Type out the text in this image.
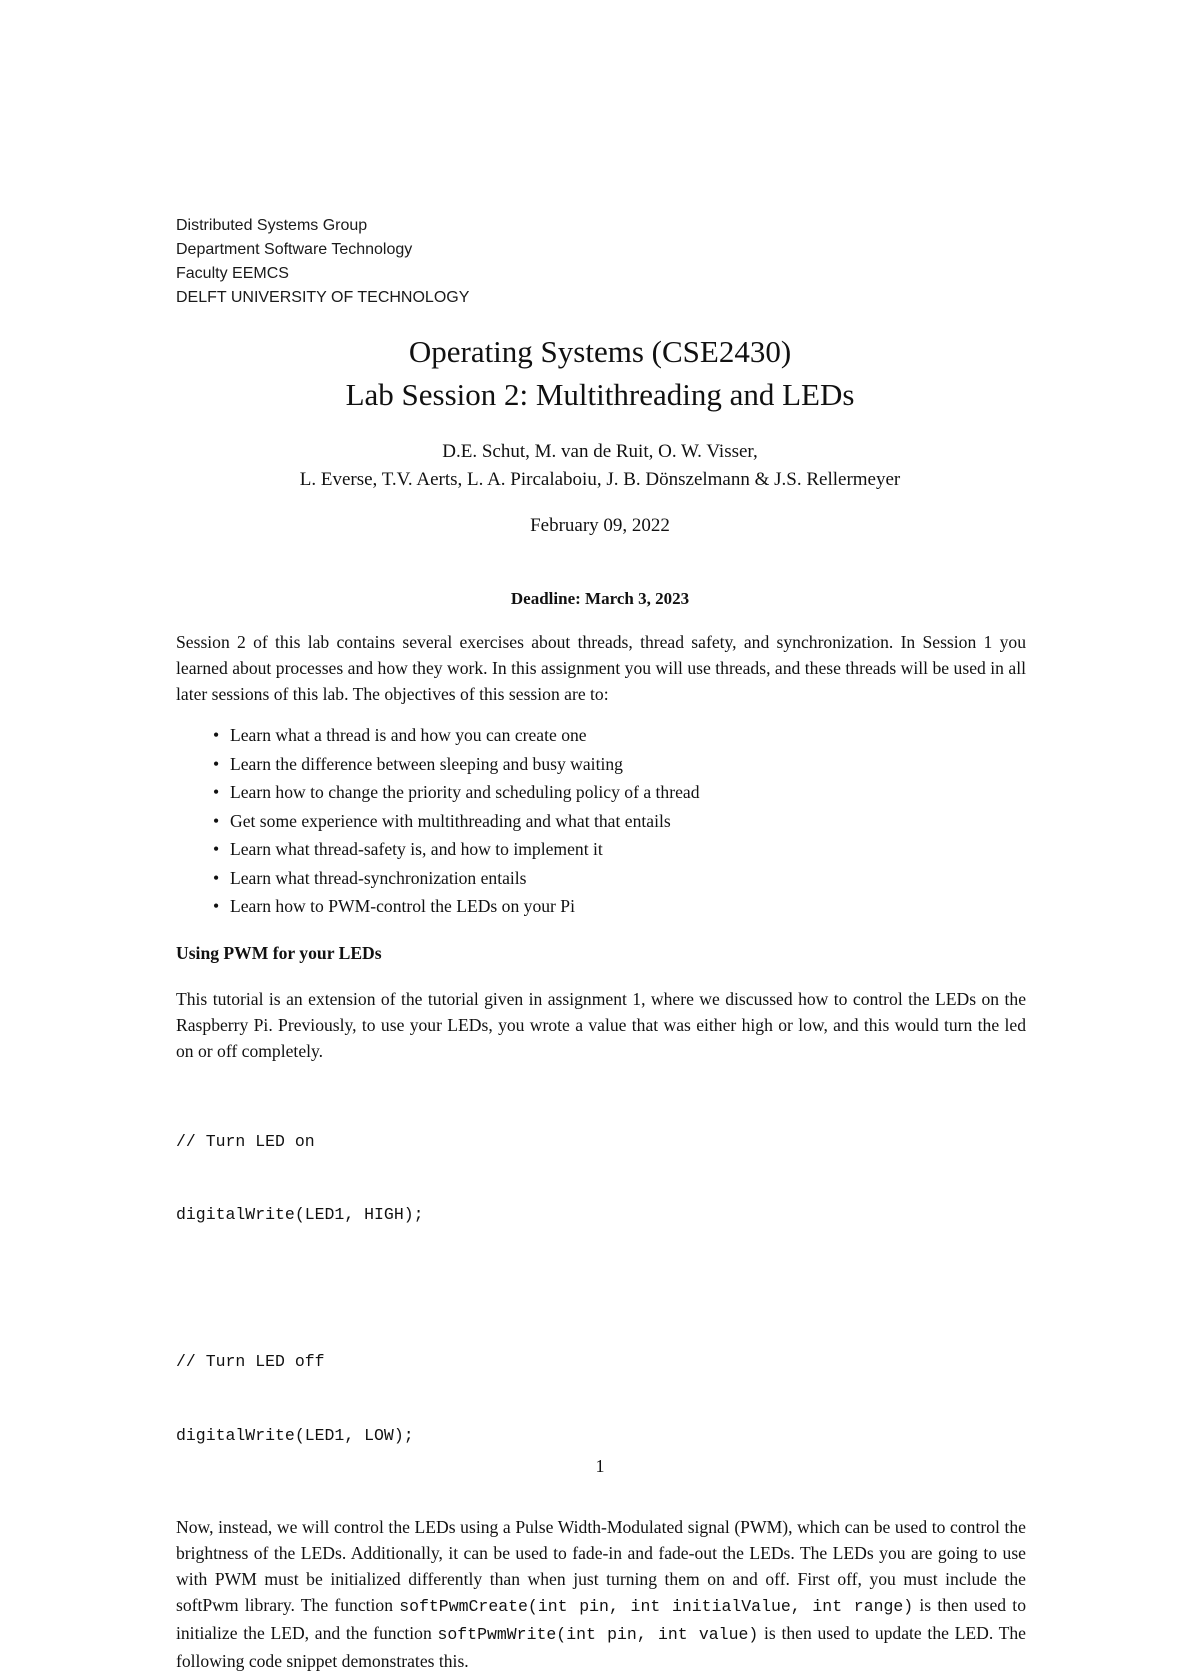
Distributed Systems Group
Department Software Technology
Faculty EEMCS
DELFT UNIVERSITY OF TECHNOLOGY
Operating Systems (CSE2430)
Lab Session 2: Multithreading and LEDs
D.E. Schut, M. van de Ruit, O. W. Visser,
L. Everse, T.V. Aerts, L. A. Pircalaboiu, J. B. Dönszelmann & J.S. Rellermeyer
February 09, 2022
Deadline: March 3, 2023

Session 2 of this lab contains several exercises about threads, thread safety, and synchronization. In Session 1 you learned about processes and how they work. In this assignment you will use threads, and these threads will be used in all later sessions of this lab. The objectives of this session are to:

• Learn what a thread is and how you can create one
• Learn the difference between sleeping and busy waiting
• Learn how to change the priority and scheduling policy of a thread
• Get some experience with multithreading and what that entails
• Learn what thread-safety is, and how to implement it
• Learn what thread-synchronization entails
• Learn how to PWM-control the LEDs on your Pi

Using PWM for your LEDs

This tutorial is an extension of the tutorial given in assignment 1, where we discussed how to control the LEDs on the Raspberry Pi. Previously, to use your LEDs, you wrote a value that was either high or low, and this would turn the led on or off completely.

// Turn LED on

digitalWrite(LED1, HIGH);

// Turn LED off

digitalWrite(LED1, LOW);

Now, instead, we will control the LEDs using a Pulse Width-Modulated signal (PWM), which can be used to control the brightness of the LEDs. Additionally, it can be used to fade-in and fade-out the LEDs. The LEDs you are going to use with PWM must be initialized differently than when just turning them on and off. First off, you must include the softPwm library. The function softPwmCreate(int pin, int initialValue, int range) is then used to initialize the LED, and the function softPwmWrite(int pin, int value) is then used to update the LED. The following code snippet demonstrates this.

1
